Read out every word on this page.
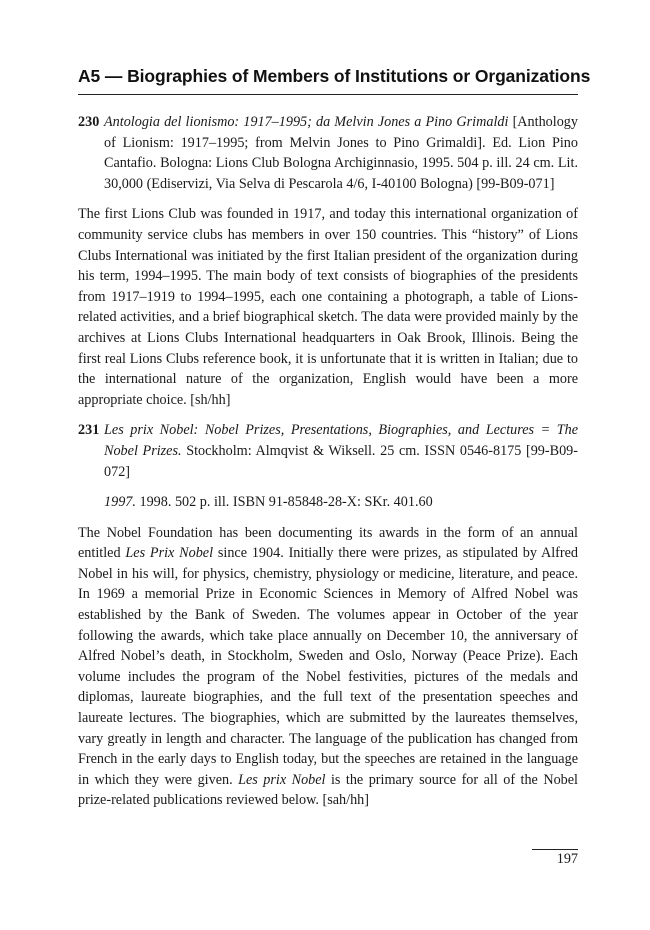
A5 — Biographies of Members of Institutions or Organizations
230 Antologia del lionismo: 1917–1995; da Melvin Jones a Pino Grimaldi [Anthology of Lionism: 1917–1995; from Melvin Jones to Pino Grimaldi]. Ed. Lion Pino Cantafio. Bologna: Lions Club Bologna Archiginnasio, 1995. 504 p. ill. 24 cm. Lit. 30,000 (Ediservizi, Via Selva di Pescarola 4/6, I-40100 Bologna) [99-B09-071]

The first Lions Club was founded in 1917, and today this international organization of community service clubs has members in over 150 countries. This “history” of Lions Clubs International was initiated by the first Italian president of the organization during his term, 1994–1995. The main body of text consists of biographies of the presidents from 1917–1919 to 1994–1995, each one containing a photograph, a table of Lions-related activities, and a brief biographical sketch. The data were provided mainly by the archives at Lions Clubs International headquarters in Oak Brook, Illinois. Being the first real Lions Clubs reference book, it is unfortunate that it is written in Italian; due to the international nature of the organization, English would have been a more appropriate choice. [sh/hh]

231 Les prix Nobel: Nobel Prizes, Presentations, Biographies, and Lectures = The Nobel Prizes. Stockholm: Almqvist & Wiksell. 25 cm. ISSN 0546-8175 [99-B09-072]
1997. 1998. 502 p. ill. ISBN 91-85848-28-X: SKr. 401.60

The Nobel Foundation has been documenting its awards in the form of an annual entitled Les Prix Nobel since 1904. Initially there were prizes, as stipulated by Alfred Nobel in his will, for physics, chemistry, physiology or medicine, literature, and peace. In 1969 a memorial Prize in Economic Sciences in Memory of Alfred Nobel was established by the Bank of Sweden. The volumes appear in October of the year following the awards, which take place annually on December 10, the anniversary of Alfred Nobel’s death, in Stockholm, Sweden and Oslo, Norway (Peace Prize). Each volume includes the program of the Nobel festivities, pictures of the medals and diplomas, laureate biographies, and the full text of the presentation speeches and laureate lectures. The biographies, which are submitted by the laureates themselves, vary greatly in length and character. The language of the publication has changed from French in the early days to English today, but the speeches are retained in the language in which they were given. Les prix Nobel is the primary source for all of the Nobel prize-related publications reviewed below. [sah/hh]

197
